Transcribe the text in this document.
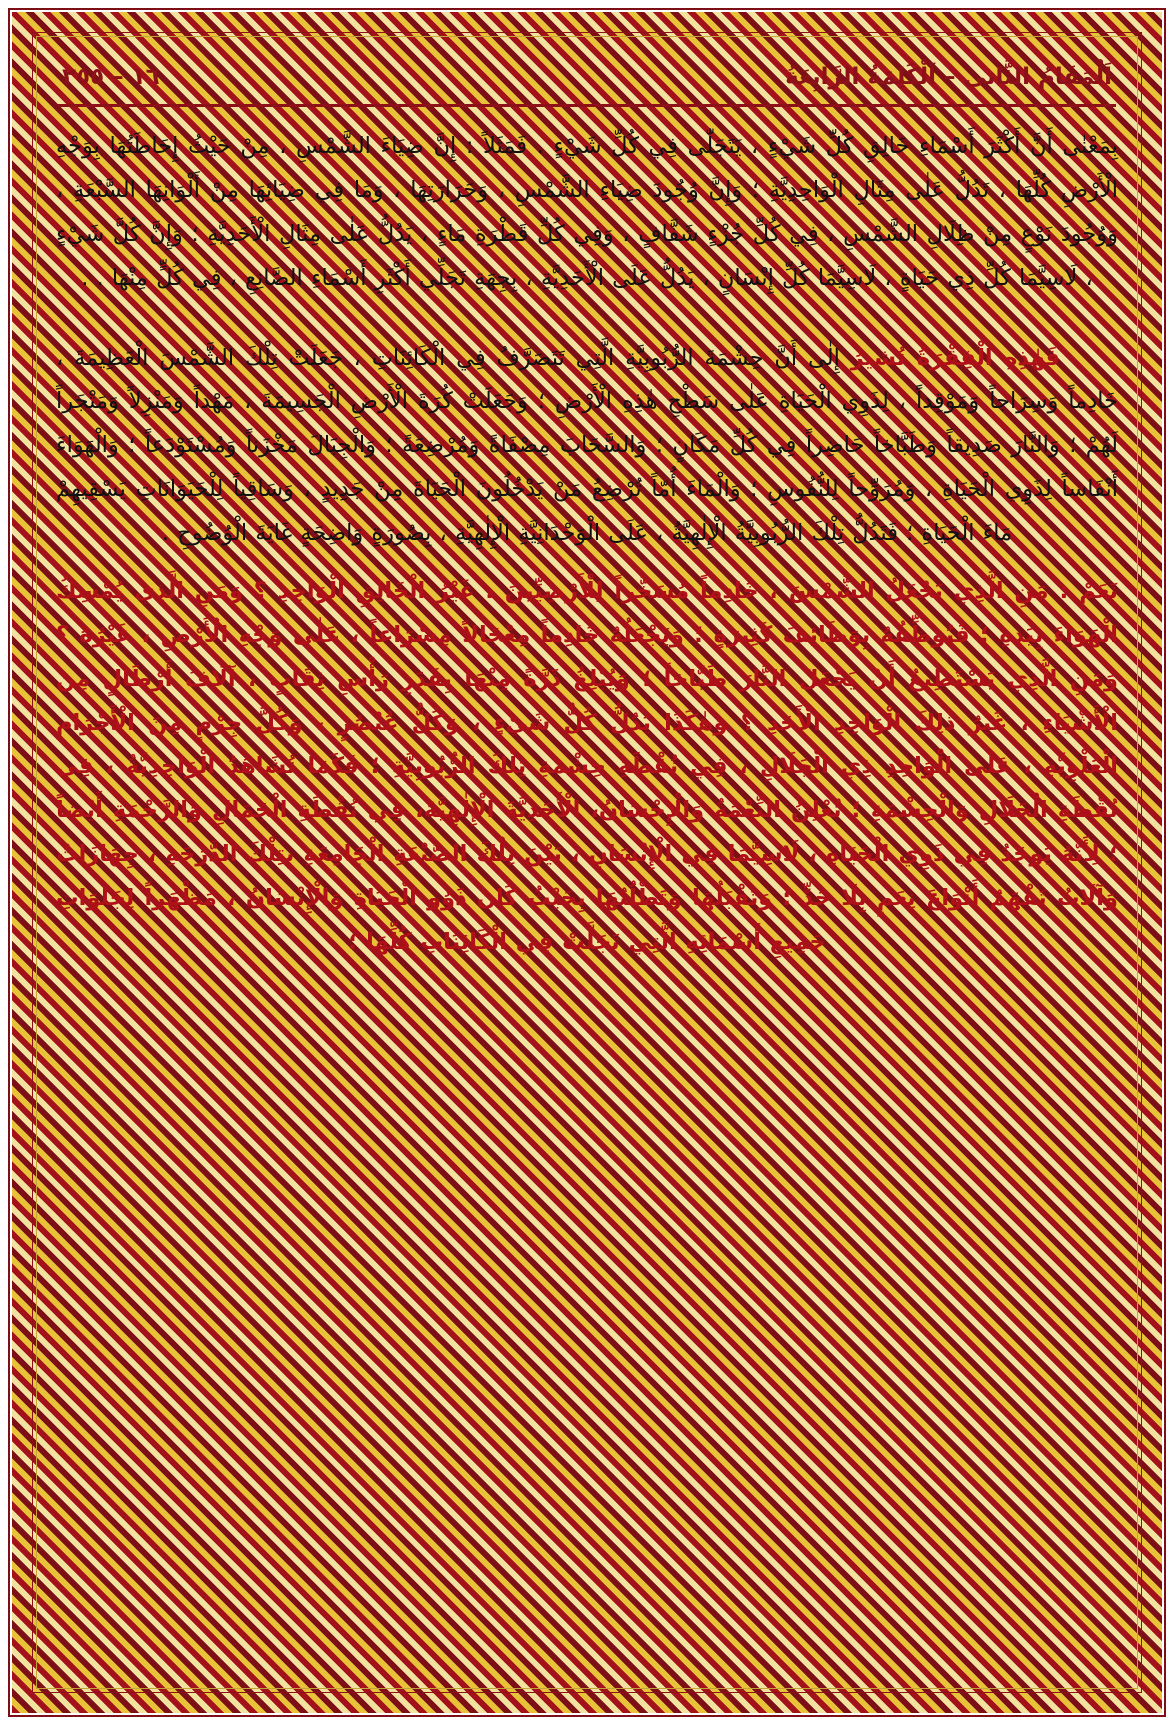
١٦ – ٢٥٥	اَلْمَقَامُ الثَّاني – اَلْكَلِمَةُ الرَّابِعَةُ

بِمَعْنٰى أَنَّ أَكْثَرَ أَسْمَاءِ خَالِقِ كُلِّ شَيْءٍ ، يَتَجَلّٰى فِي كُلِّ شَيْءٍ . فَمَثَلاً : إِنَّ ضِيَاءَ الشَّمْسِ ، مِنْ حَيْثُ إِحَاطَتُهَا بِوَجْهِ الْأَرْضِ كُلِّهَا ، تَدُلُّ عَلٰى مِثَالِ الْوَاحِدِيَّةِ ؛ وَإِنَّ وُجُودَ ضِيَاءِ الشَّمْسِ ، وَحَرَارَتِهَا ، وَمَا فِي ضِيَائِهَا مِنْ أَلْوَانِهَا السَّبْعَةِ ، وَوُجُودَ نَوْعٍ مِنْ ظِلَالِ الشَّمْسِ ، فِي كُلِّ جُزْءٍ شَفَّافٍ ، وَفِي كُلِّ قَطْرَةِ مَاءٍ ، يَدُلُّ عَلٰى مِثَالِ الْأَحَدِيَّةِ ؛ وَإِنَّ كُلَّ شَيْءٍ ، لَاسِيَّمَا كُلِّ ذِي حَيَاةٍ ، لَاسِيَّمَا كُلِّ إِنْسَانٍ ، يَدُلُّ عَلَى الْأَحَدِيَّةِ ، بِجِهَةِ تَجَلِّي أَكْثَرِ أَسْمَاءِ الصَّانِعِ ، فِي كُلٍّ مِنْهَا . .

فَهٰذِهِ الْفِقْرَةُ تُشيرُ إِلٰى أَنَّ حِشْمَةَ الرُّبُوبِيَّةِ الَّتِي تَتَصَرَّفُ فِي الْكَائِنَاتِ ، جَعَلَتْ تِلْكَ الشَّمْسَ الْعَظِيمَةَ ، خَادِماً وَسِرَاجاً وَمَوْقِداً ، لِذَوِي الْحَيَاةِ عَلٰى سَطْحِ هٰذِهِ الْأَرْضِ ؛ وَجَعَلَتْ كُرَةَ الْأَرْضِ الْجَسِيمَةَ ، مَهْداً وَمَنْزِلاً وَمَتْجَراً لَهُمْ ؛ وَالنَّارَ صَدِيقاً وَطَبَّاخاً حَاضِراً فِي كُلِّ مَكَانٍ ؛ وَالسَّحَابَ مِصْفَاةً وَمُرْضِعَةً ؛ وَالْجِبَالَ مَخْزَناً وَمُسْتَوْدَعاً ؛ وَالْهَوَاءَ أَنْفَاساً لِذَوِي الْحَيَاةِ ، وَمُرَوِّحاً لِلنُّفُوسِ ؛ وَالْمَاءَ أُمّاً تُرْضِعُ مَنْ يَدْخُلُونَ الْحَيَاةَ مِنْ جَدِيدٍ ، وَسَاقِياً لِلْحَيَوَانَاتِ يَسْقِيهِمْ مَاءَ الْحَيَاةِ ؛ فَتَدُلُّ تِلْكَ الرُّبُوبِيَّةُ الْإِلٰهِيَّةُ ، عَلَى الْوَحْدَانِيَّةِ الْإِلٰهِيَّةِ ، بِصُورَةٍ وَاضِحَةٍ غَايَةَ الْوُضُوحِ .

نَعَمْ : مَنِ الَّذِي يَجْعَلُ الشَّمْسَ ، خَادِماً مُسَخَّراً لِلْأَرْضِيِّينَ ، غَيْرُ الْخَالِقِ الْوَاحِدِ ؟ وَمَنِ الَّذِي يُمْسِكُ الْهَوَاءَ بِيَدِهِ ؛ فَيُوَظِّفُهُ بِوَظَائِفَ كَثِيرَةٍ ؛ وَيَجْعَلُهُ خَادِماً مِعْجَالاً مِسْرَاعاً ، عَلٰى وَجْهِ الْأَرْضِ ، غَيْرُهُ ؟ وَمَنِ الَّذِي يَسْتَطِيعُ أَنْ يَجْعَلَ النَّارَ طَبَّاخاً ؛ وَيُبْلِغُ ذَرَّةً مِنْهَا بِقَدَرِ رَأْسِ ثِقَابٍ ، آلَافَ أَرْطَالٍ مِنَ الْأَشْيَاءِ ، غَيْرُ ذٰلِكَ الْوَاحِدِ الْأَحَدِ ؟ وَهٰكَذَا يَدُلُّ كُلُّ شَيْءٍ ، وَكُلُّ عُنْصُرٍ ، وَكُلُّ جِرْمٍ مِنَ الْأَجْرَامِ الْعُلْوِيَّةِ ، عَلَى الْوَاحِدِ ذِي الْجَلَالِ ، فِي نُقْطَةِ حِشْمَةِ تِلْكَ الرُّبُوبِيَّةِ ؛ فَكَمَا تُشَاهَدُ الْوَاحِدِيَّةُ ، فِي نُقْطَةِ الْجَلَالِ وَالْحِشْمَةِ ؛ تُعْلِنُ النِّعْمَةُ وَالْإِحْسَانُ، الْأَحَدِيَّةَ الْإِلٰهِيَّةَ، فِي نُقْطَةِ الْجَمَالِ وَالرَّحْمَةِ أَيْضاً ؛ لِأَنَّهُ يُوجَدُ فِي ذَوِي الْحَيَاةِ ، لَاسِيَّمَا فِي الْإِنْسَانِ ، بَيْنَ تِلْكَ الصَّنْعَةِ الْجَامِعَةِ بِتِلْكَ الدَّرَجَةِ ، جِهَازَاتٌ وَآلَاتٌ تَفْهَمُ أَنْوَاعَ نِعَمٍ بِلَا حَدٍّ ؛ وَتَقْبَلُهَا وَتَطْلُبُهَا بِحَيْثُ كَانَ ذَوُو الْحَيَاةِ وَالْإِنْسَانُ ، مَظْهَراً لِجَلَوَاتِ جَمِيعِ أَسْمَائِهِ الَّتِي تَجَلَّتْ فِي الْكَائِنَاتِ كُلِّهَا ؛
